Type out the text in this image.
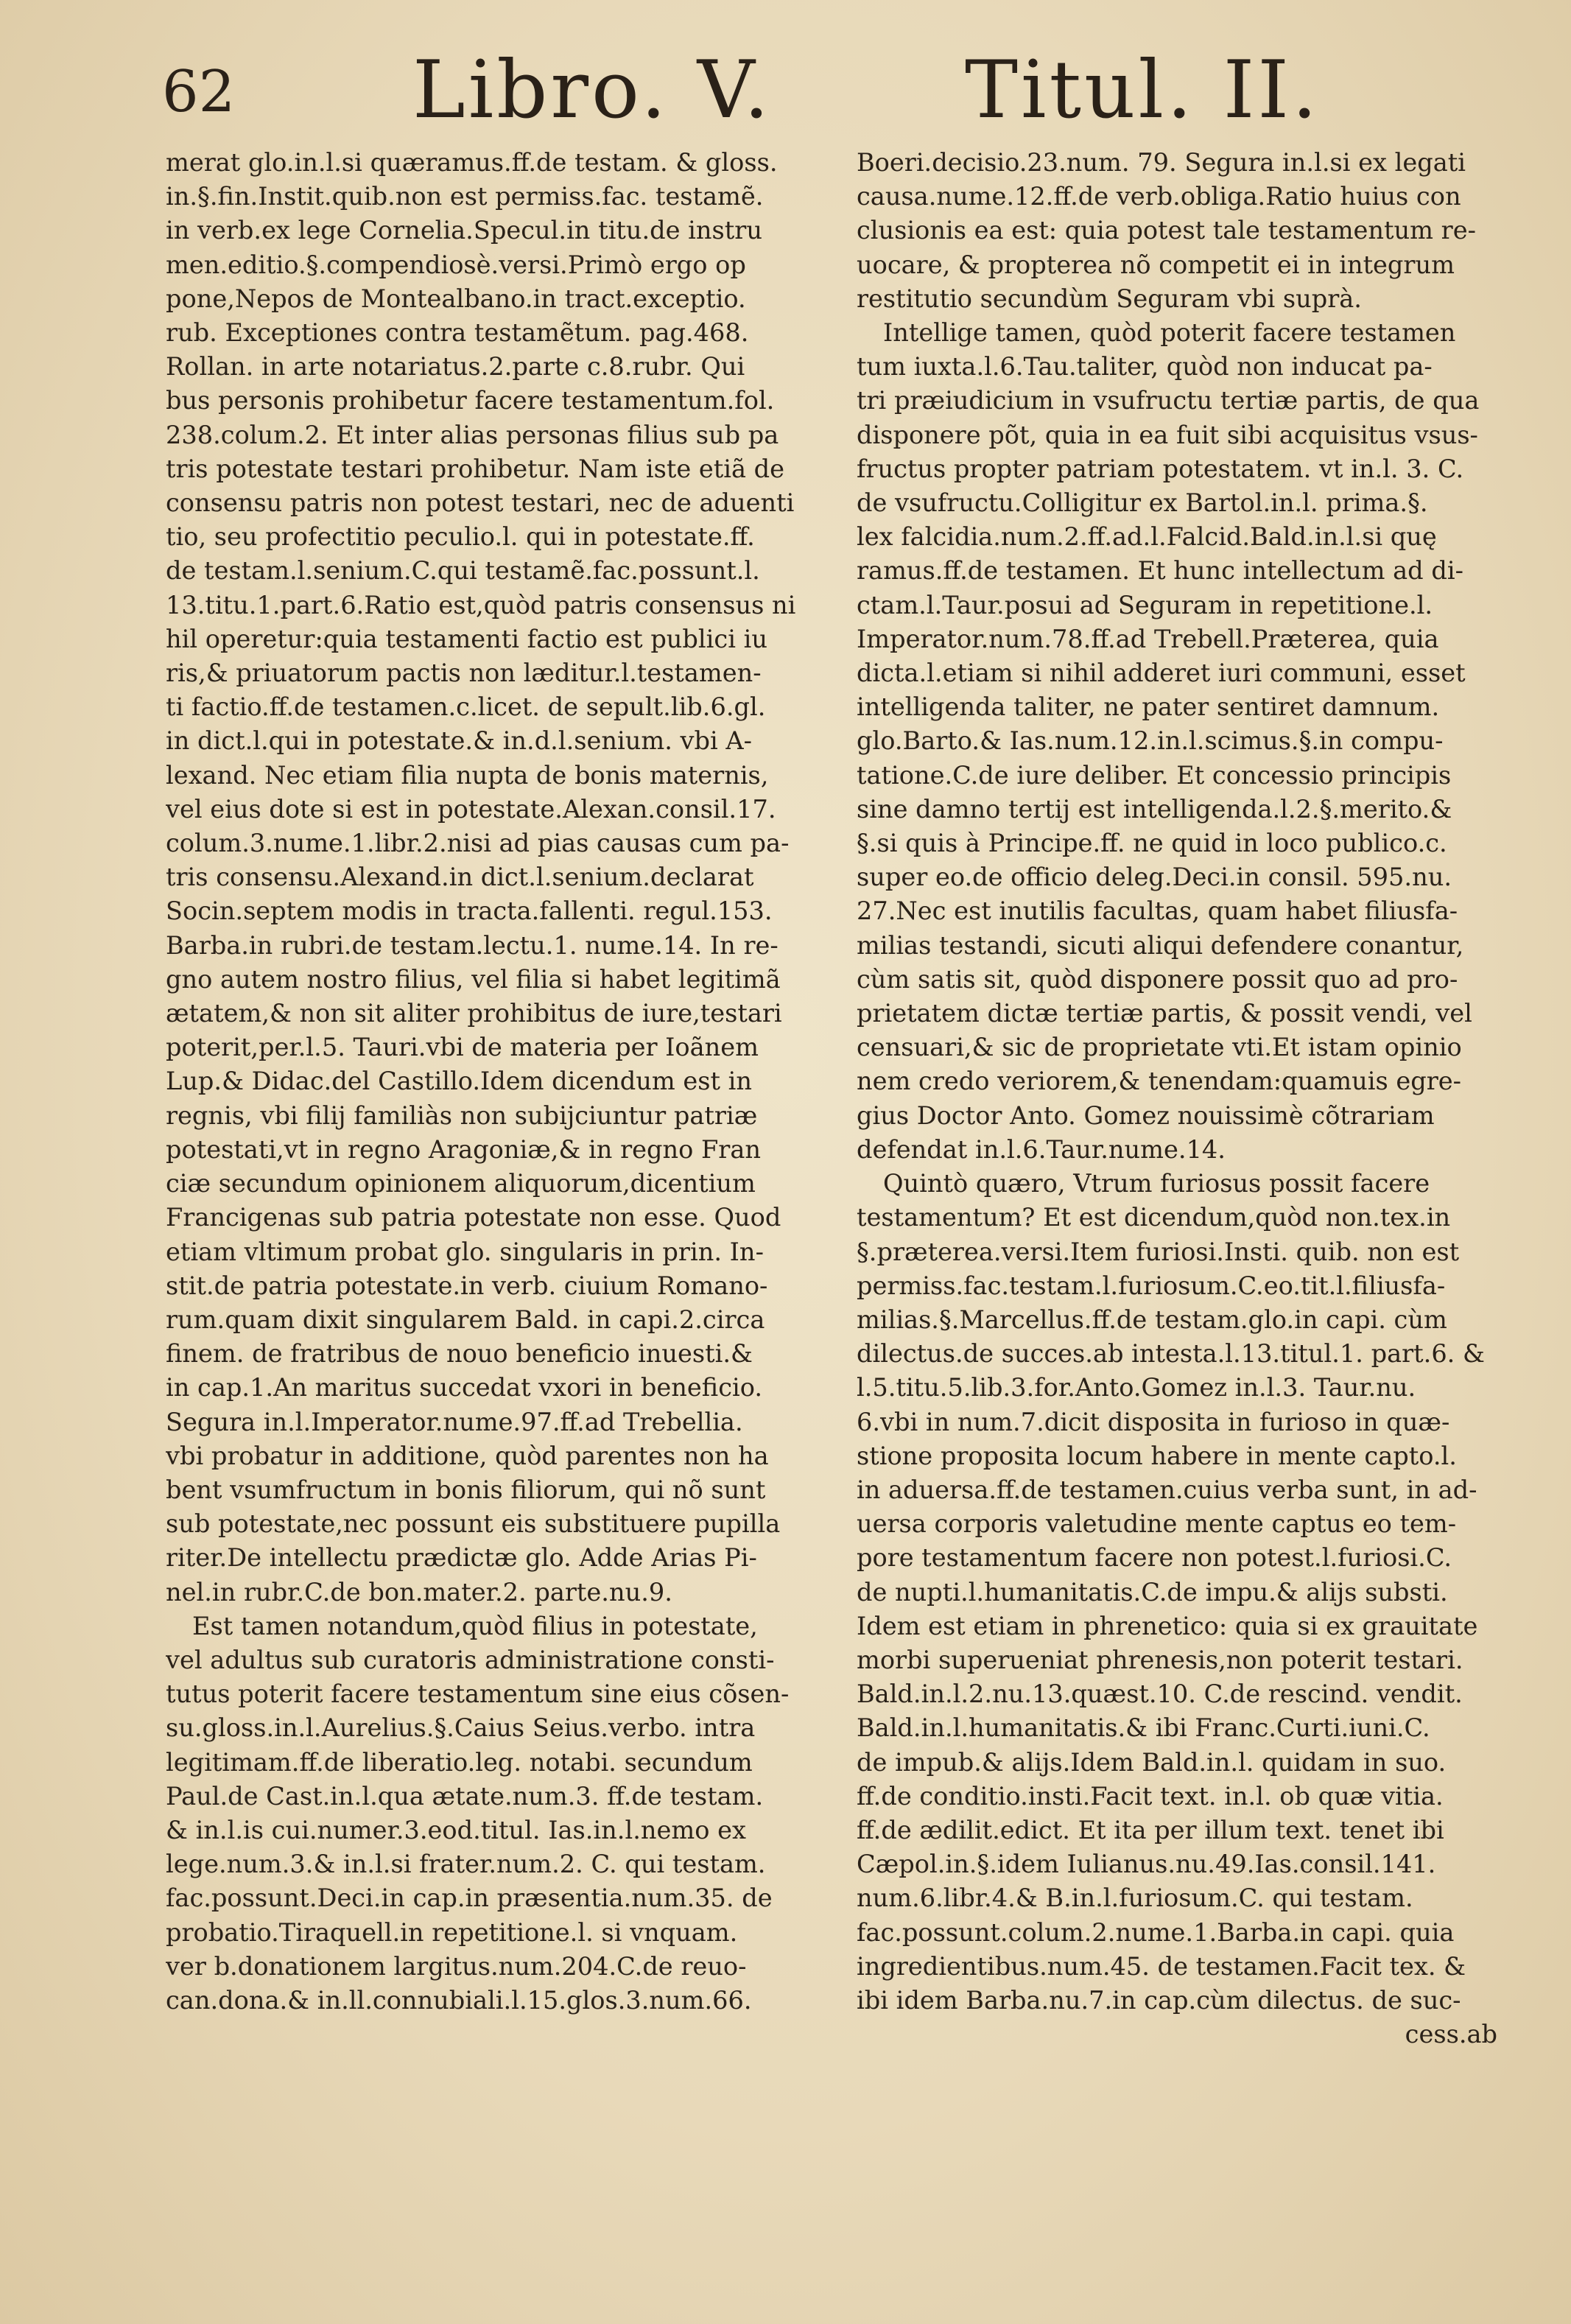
62 Libro. V. Titul. II.
merat glo.in.l.si quæramus.ff.de testam. & gloss.
in.§.fin.Instit.quib.non est permiss.fac. testamẽ.
in verb.ex lege Cornelia.Specul.in titu.de instru
men.editio.§.compendiosè.versi.Primò ergo op
pone,Nepos de Montealbano.in tract.exceptio.
rub. Exceptiones contra testamẽtum. pag.468.
Rollan. in arte notariatus.2.parte c.8.rubr. Qui
bus personis prohibetur facere testamentum.fol.
238.colum.2. Et inter alias personas filius sub pa
tris potestate testari prohibetur. Nam iste etiã de
consensu patris non potest testari, nec de aduenti
tio, seu profectitio peculio.l. qui in potestate.ff.
de testam.l.senium.C.qui testamẽ.fac.possunt.l.
13.titu.1.part.6.Ratio est,quòd patris consensus ni
hil operetur:quia testamenti factio est publici iu
ris,& priuatorum pactis non læditur.l.testamen-
ti factio.ff.de testamen.c.licet. de sepult.lib.6.gl.
in dict.l.qui in potestate.& in.d.l.senium. vbi A-
lexand. Nec etiam filia nupta de bonis maternis,
vel eius dote si est in potestate.Alexan.consil.17.
colum.3.nume.1.libr.2.nisi ad pias causas cum pa-
tris consensu.Alexand.in dict.l.senium.declarat
Socin.septem modis in tracta.fallenti. regul.153.
Barba.in rubri.de testam.lectu.1. nume.14. In re-
gno autem nostro filius, vel filia si habet legitimã
ætatem,& non sit aliter prohibitus de iure,testari
poterit,per.l.5. Tauri.vbi de materia per Ioãnem
Lup.& Didac.del Castillo.Idem dicendum est in
regnis, vbi filij familiàs non subijciuntur patriæ
potestati,vt in regno Aragoniæ,& in regno Fran
ciæ secundum opinionem aliquorum,dicentium
Francigenas sub patria potestate non esse. Quod
etiam vltimum probat glo. singularis in prin. In-
stit.de patria potestate.in verb. ciuium Romano-
rum.quam dixit singularem Bald. in capi.2.circa
finem. de fratribus de nouo beneficio inuesti.&
in cap.1.An maritus succedat vxori in beneficio.
Segura in.l.Imperator.nume.97.ff.ad Trebellia.
vbi probatur in additione, quòd parentes non ha
bent vsumfructum in bonis filiorum, qui nõ sunt
sub potestate,nec possunt eis substituere pupilla
riter.De intellectu prædictæ glo. Adde Arias Pi-
nel.in rubr.C.de bon.mater.2. parte.nu.9.
Est tamen notandum,quòd filius in potestate,
vel adultus sub curatoris administratione consti-
tutus poterit facere testamentum sine eius cõsen-
su.gloss.in.l.Aurelius.§.Caius Seius.verbo. intra
legitimam.ff.de liberatio.leg. notabi. secundum
Paul.de Cast.in.l.qua ætate.num.3. ff.de testam.
& in.l.is cui.numer.3.eod.titul. Ias.in.l.nemo ex
lege.num.3.& in.l.si frater.num.2. C. qui testam.
fac.possunt.Deci.in cap.in præsentia.num.35. de
probatio.Tiraquell.in repetitione.l. si vnquam.
ver b.donationem largitus.num.204.C.de reuo-
can.dona.& in.ll.connubiali.l.15.glos.3.num.66.
Boeri.decisio.23.num. 79. Segura in.l.si ex legati
causa.nume.12.ff.de verb.obliga.Ratio huius con
clusionis ea est: quia potest tale testamentum re-
uocare, & propterea nõ competit ei in integrum
restitutio secundùm Seguram vbi suprà.
Intellige tamen, quòd poterit facere testamen
tum iuxta.l.6.Tau.taliter, quòd non inducat pa-
tri præiudicium in vsufructu tertiæ partis, de qua
disponere põt, quia in ea fuit sibi acquisitus vsus-
fructus propter patriam potestatem. vt in.l. 3. C.
de vsufructu.Colligitur ex Bartol.in.l. prima.§.
lex falcidia.num.2.ff.ad.l.Falcid.Bald.in.l.si quę
ramus.ff.de testamen. Et hunc intellectum ad di-
ctam.l.Taur.posui ad Seguram in repetitione.l.
Imperator.num.78.ff.ad Trebell.Præterea, quia
dicta.l.etiam si nihil adderet iuri communi, esset
intelligenda taliter, ne pater sentiret damnum.
glo.Barto.& Ias.num.12.in.l.scimus.§.in compu-
tatione.C.de iure deliber. Et concessio principis
sine damno tertij est intelligenda.l.2.§.merito.&
§.si quis à Principe.ff. ne quid in loco publico.c.
super eo.de officio deleg.Deci.in consil. 595.nu.
27.Nec est inutilis facultas, quam habet filiusfa-
milias testandi, sicuti aliqui defendere conantur,
cùm satis sit, quòd disponere possit quo ad pro-
prietatem dictæ tertiæ partis, & possit vendi, vel
censuari,& sic de proprietate vti.Et istam opinio
nem credo veriorem,& tenendam:quamuis egre-
gius Doctor Anto. Gomez nouissimè cõtrariam
defendat in.l.6.Taur.nume.14.
Quintò quæro, Vtrum furiosus possit facere
testamentum? Et est dicendum,quòd non.tex.in
§.præterea.versi.Item furiosi.Insti. quib. non est
permiss.fac.testam.l.furiosum.C.eo.tit.l.filiusfa-
milias.§.Marcellus.ff.de testam.glo.in capi. cùm
dilectus.de succes.ab intesta.l.13.titul.1. part.6. &
l.5.titu.5.lib.3.for.Anto.Gomez in.l.3. Taur.nu.
6.vbi in num.7.dicit disposita in furioso in quæ-
stione proposita locum habere in mente capto.l.
in aduersa.ff.de testamen.cuius verba sunt, in ad-
uersa corporis valetudine mente captus eo tem-
pore testamentum facere non potest.l.furiosi.C.
de nupti.l.humanitatis.C.de impu.& alijs substi.
Idem est etiam in phrenetico: quia si ex grauitate
morbi superueniat phrenesis,non poterit testari.
Bald.in.l.2.nu.13.quæst.10. C.de rescind. vendit.
Bald.in.l.humanitatis.& ibi Franc.Curti.iuni.C.
de impub.& alijs.Idem Bald.in.l. quidam in suo.
ff.de conditio.insti.Facit text. in.l. ob quæ vitia.
ff.de ædilit.edict. Et ita per illum text. tenet ibi
Cæpol.in.§.idem Iulianus.nu.49.Ias.consil.141.
num.6.libr.4.& B.in.l.furiosum.C. qui testam.
fac.possunt.colum.2.nume.1.Barba.in capi. quia
ingredientibus.num.45. de testamen.Facit tex. &
ibi idem Barba.nu.7.in cap.cùm dilectus. de suc-
cess.ab
